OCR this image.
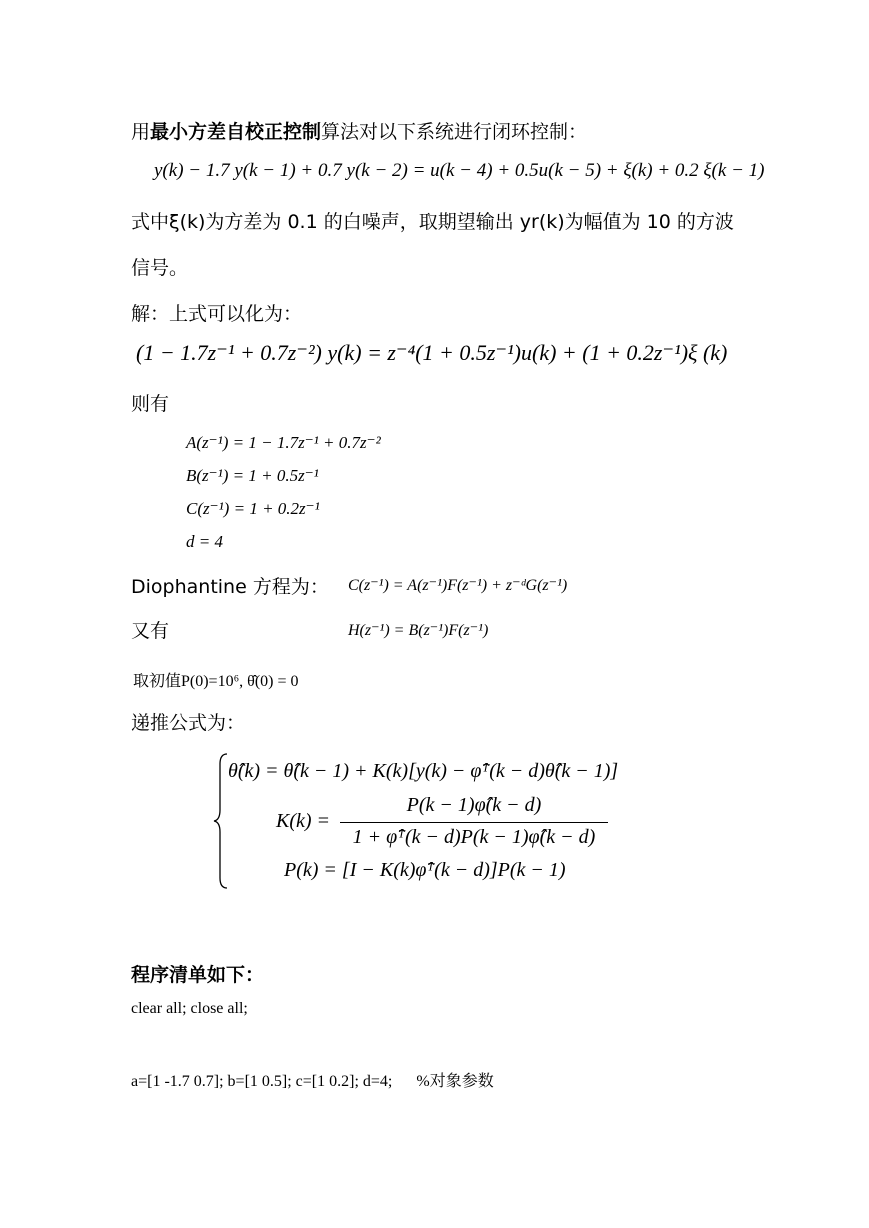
用最小方差自校正控制算法对以下系统进行闭环控制：
y(k) − 1.7 y(k − 1) + 0.7 y(k − 2) = u(k − 4) + 0.5u(k − 5) + ξ(k) + 0.2 ξ(k − 1)
式中ξ(k)为方差为 0.1 的白噪声，取期望输出 yr(k)为幅值为 10 的方波
信号。
解：上式可以化为：
(1 − 1.7z⁻¹ + 0.7z⁻²) y(k) = z⁻⁴(1 + 0.5z⁻¹)u(k) + (1 + 0.2z⁻¹)ξ (k)
则有
A(z⁻¹) = 1 − 1.7z⁻¹ + 0.7z⁻²
B(z⁻¹) = 1 + 0.5z⁻¹
C(z⁻¹) = 1 + 0.2z⁻¹
d = 4
Diophantine 方程为： C(z⁻¹) = A(z⁻¹)F(z⁻¹) + z⁻ᵈG(z⁻¹)
又有	H(z⁻¹) = B(z⁻¹)F(z⁻¹)
取初值P(0)=10⁶, θ̂(0) = 0
递推公式为：
θ̂(k) = θ̂(k − 1) + K(k)[y(k) − φ̂ᵀ(k − d)θ̂(k − 1)]
K(k) =
P(k − 1)φ̂(k − d)
1 + φ̂ᵀ(k − d)P(k − 1)φ̂(k − d)
P(k) = [I − K(k)φ̂ᵀ(k − d)]P(k − 1)
程序清单如下：
clear all; close all;
a=[1 -1.7 0.7]; b=[1 0.5]; c=[1 0.2]; d=4; %对象参数
